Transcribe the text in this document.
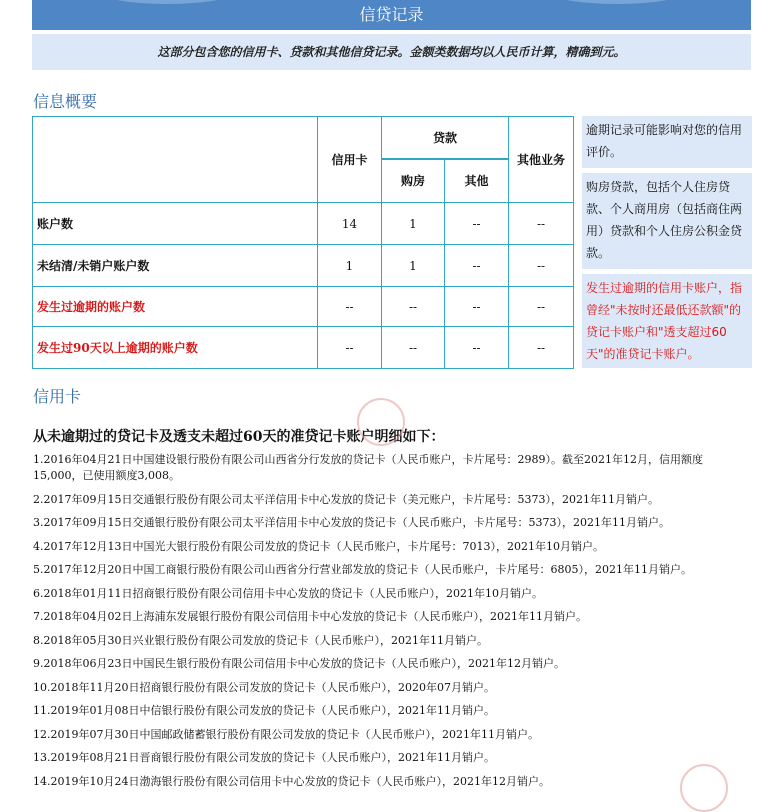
信贷记录
这部分包含您的信用卡、贷款和其他信贷记录。金额类数据均以人民币计算，精确到元。
信息概要
	信用卡	贷款		其他业务
		购房	其他	
账户数	14	1	--	--
未结清/未销户账户数	1	1	--	--
发生过逾期的账户数	--	--	--	--
发生过90天以上逾期的账户数	--	--	--	--
逾期记录可能影响对您的信用评价。
购房贷款，包括个人住房贷款、个人商用房（包括商住两用）贷款和个人住房公积金贷款。
发生过逾期的信用卡账户，指曾经"未按时还最低还款额"的贷记卡账户和"透支超过60天"的准贷记卡账户。
信用卡
从未逾期过的贷记卡及透支未超过60天的准贷记卡账户明细如下：
1.2016年04月21日中国建设银行股份有限公司山西省分行发放的贷记卡（人民币账户，卡片尾号：2989）。截至2021年12月，信用额度15,000，已使用额度3,008。
2.2017年09月15日交通银行股份有限公司太平洋信用卡中心发放的贷记卡（美元账户，卡片尾号：5373），2021年11月销户。
3.2017年09月15日交通银行股份有限公司太平洋信用卡中心发放的贷记卡（人民币账户，卡片尾号：5373），2021年11月销户。
4.2017年12月13日中国光大银行股份有限公司发放的贷记卡（人民币账户，卡片尾号：7013），2021年10月销户。
5.2017年12月20日中国工商银行股份有限公司山西省分行营业部发放的贷记卡（人民币账户，卡片尾号：6805），2021年11月销户。
6.2018年01月11日招商银行股份有限公司信用卡中心发放的贷记卡（人民币账户），2021年10月销户。
7.2018年04月02日上海浦东发展银行股份有限公司信用卡中心发放的贷记卡（人民币账户），2021年11月销户。
8.2018年05月30日兴业银行股份有限公司发放的贷记卡（人民币账户），2021年11月销户。
9.2018年06月23日中国民生银行股份有限公司信用卡中心发放的贷记卡（人民币账户），2021年12月销户。
10.2018年11月20日招商银行股份有限公司发放的贷记卡（人民币账户），2020年07月销户。
11.2019年01月08日中信银行股份有限公司发放的贷记卡（人民币账户），2021年11月销户。
12.2019年07月30日中国邮政储蓄银行股份有限公司发放的贷记卡（人民币账户），2021年11月销户。
13.2019年08月21日晋商银行股份有限公司发放的贷记卡（人民币账户），2021年11月销户。
14.2019年10月24日渤海银行股份有限公司信用卡中心发放的贷记卡（人民币账户），2021年12月销户。
